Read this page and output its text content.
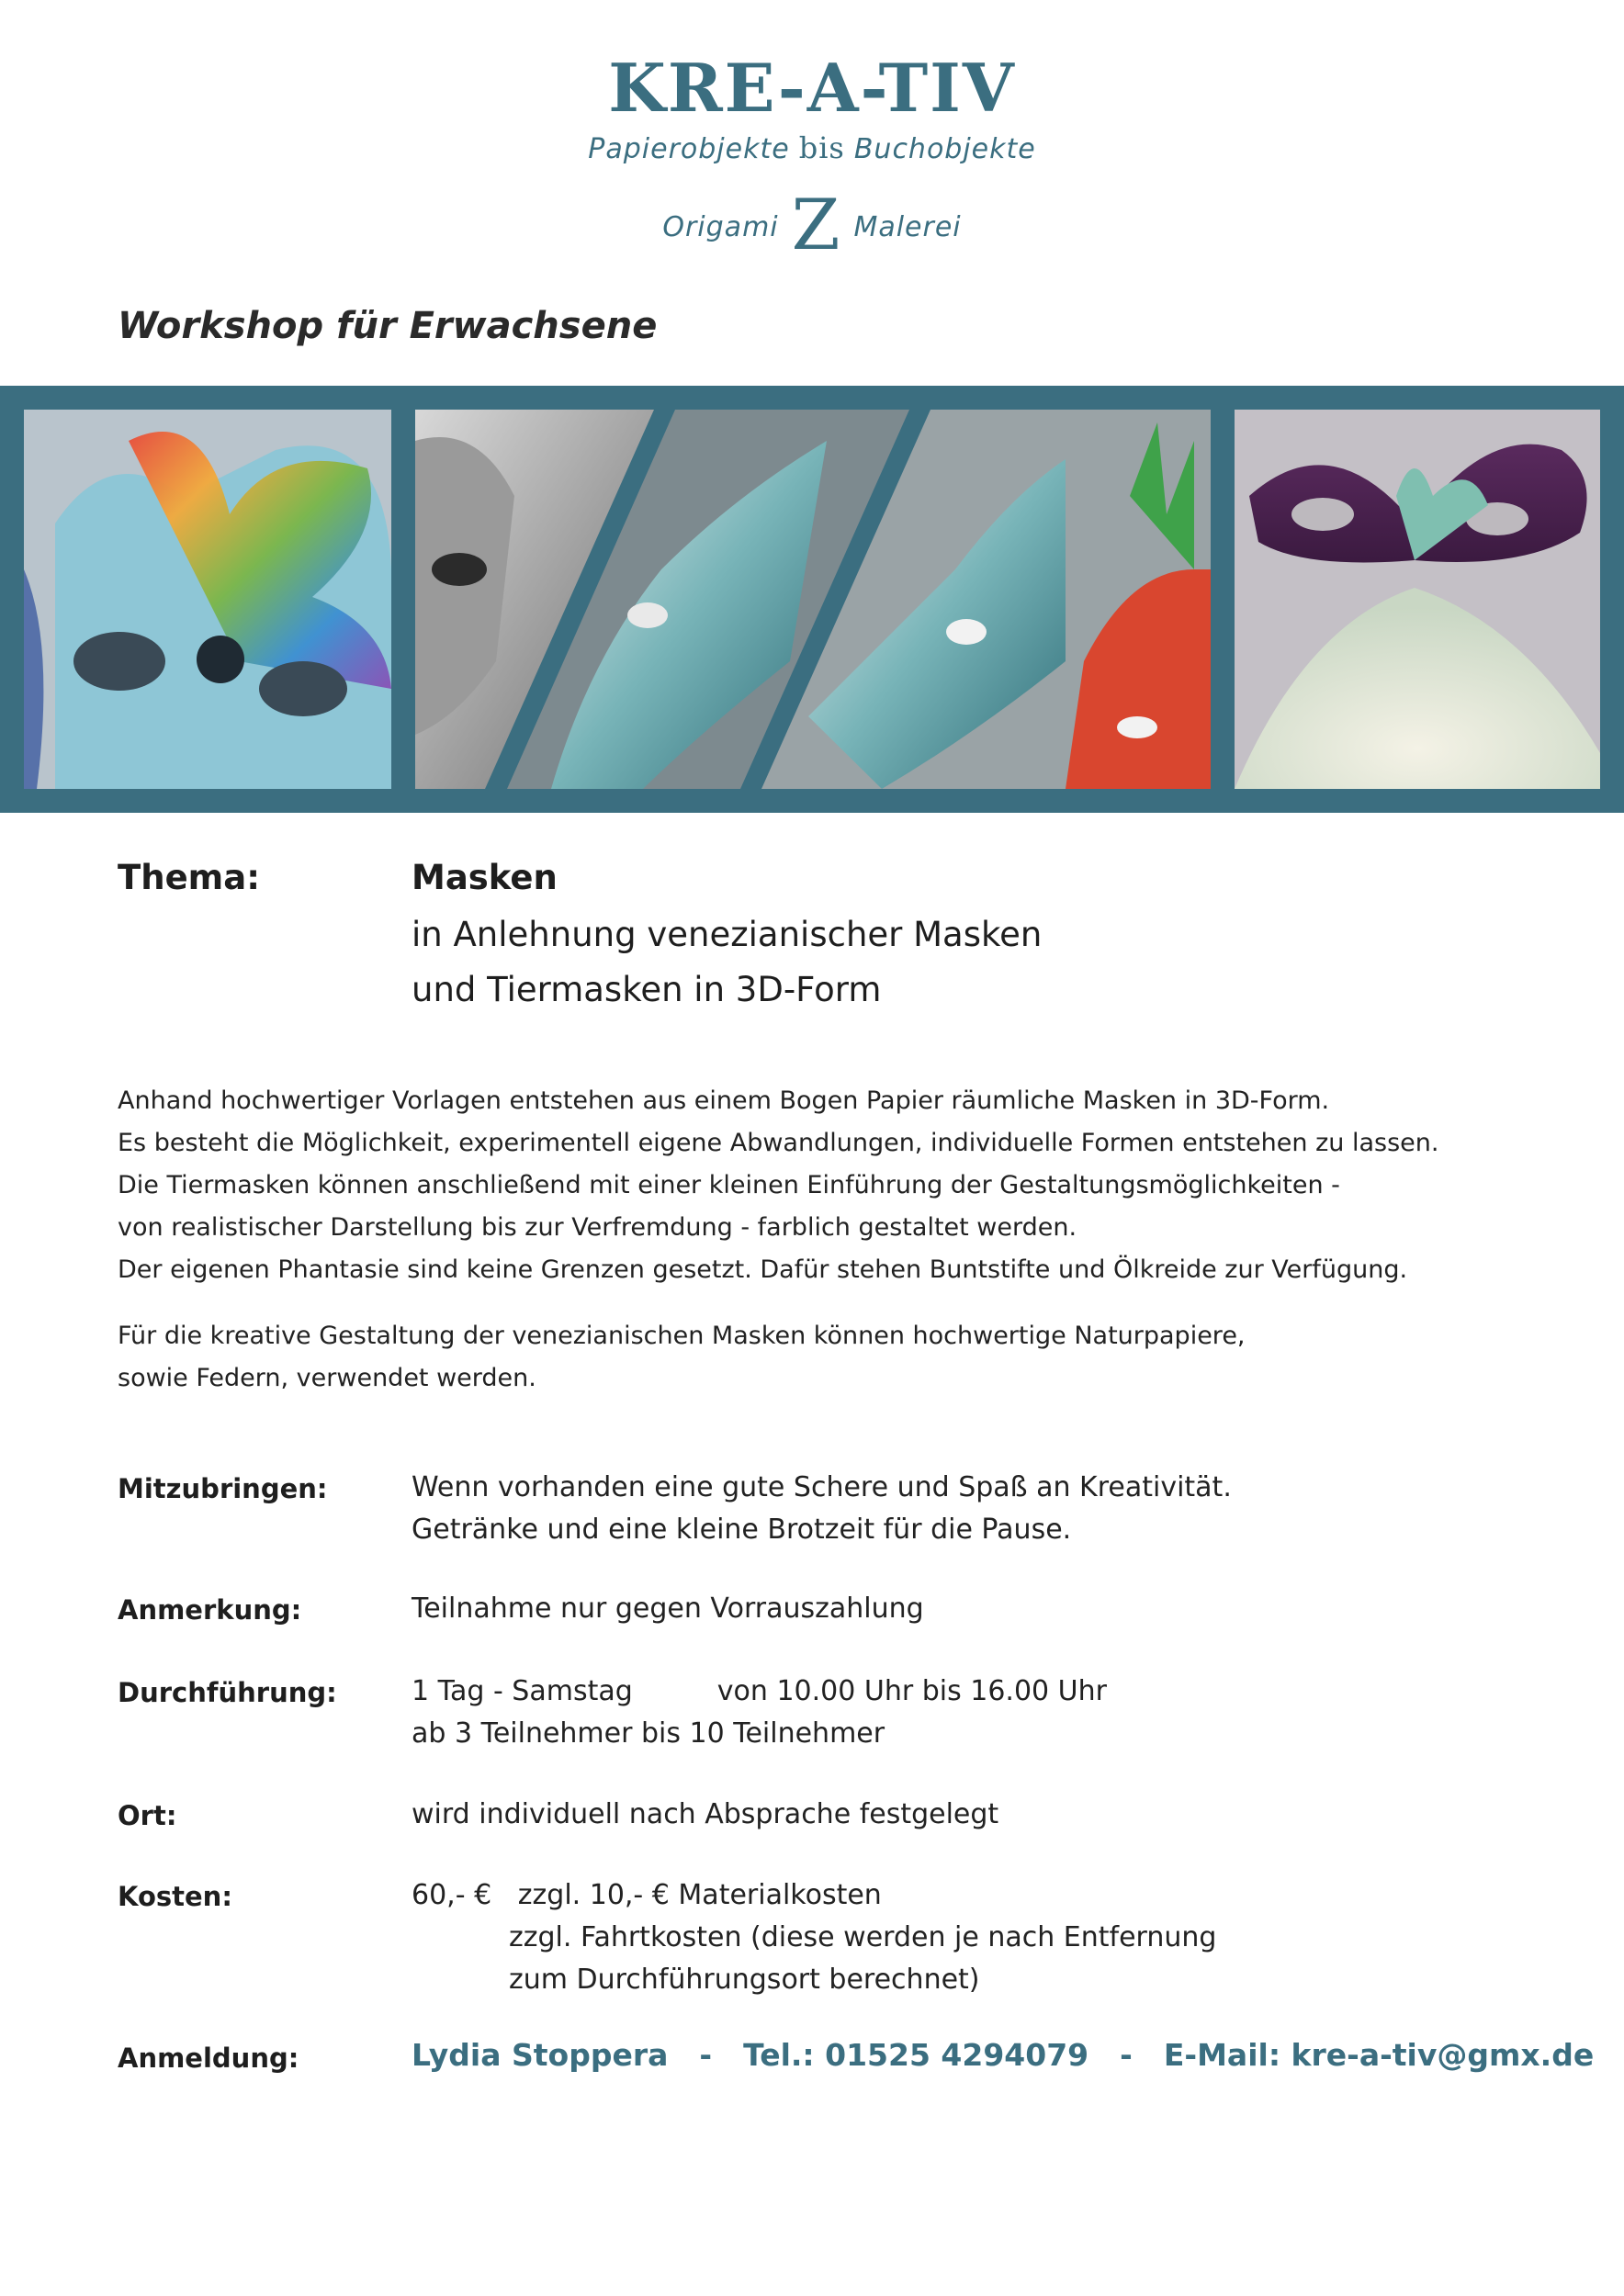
KRE-A-TIV
Papierobjekte bis Buchobjekte
Origami Z Malerei
Workshop für Erwachsene
Thema:	Masken

in Anlehnung venezianischer Masken

und Tiermasken in 3D-Form

Anhand hochwertiger Vorlagen entstehen aus einem Bogen Papier räumliche Masken in 3D-Form.

Es besteht die Möglichkeit, experimentell eigene Abwandlungen, individuelle Formen entstehen zu lassen.

Die Tiermasken können anschließend mit einer kleinen Einführung der Gestaltungsmöglichkeiten -

von realistischer Darstellung bis zur Verfremdung - farblich gestaltet werden.

Der eigenen Phantasie sind keine Grenzen gesetzt. Dafür stehen Buntstifte und Ölkreide zur Verfügung.

Für die kreative Gestaltung der venezianischen Masken können hochwertige Naturpapiere,

sowie Federn, verwendet werden.

Mitzubringen:	Wenn vorhanden eine gute Schere und Spaß an Kreativität.

Getränke und eine kleine Brotzeit für die Pause.

Anmerkung:	Teilnahme nur gegen Vorrauszahlung

Durchführung:	1 Tag - Samstag	von 10.00 Uhr bis 16.00 Uhr

ab 3 Teilnehmer bis 10 Teilnehmer

Ort:	wird individuell nach Absprache festgelegt

Kosten:	60,- € zzgl. 10,- € Materialkosten

zzgl. Fahrtkosten (diese werden je nach Entfernung

zum Durchführungsort berechnet)

Anmeldung:	Lydia Stoppera - Tel.: 01525 4294079 - E-Mail: kre-a-tiv@gmx.de
